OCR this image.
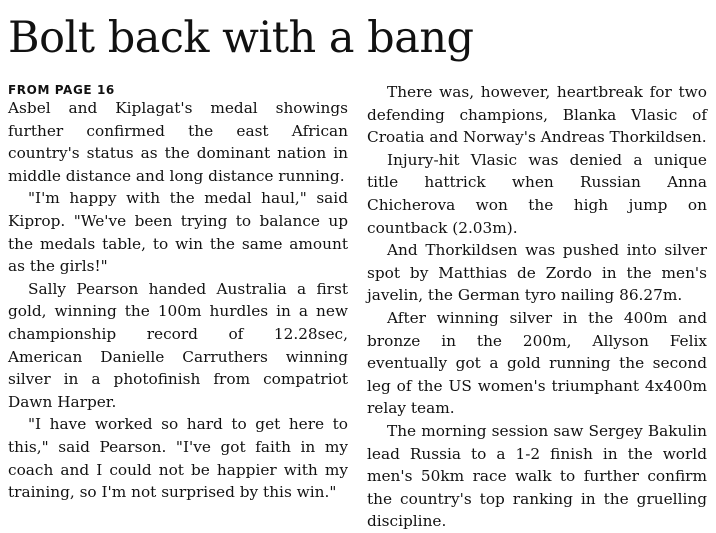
Bolt back with a bang
FROM PAGE 16

Asbel and Kiplagat's medal showings further confirmed the east African country's status as the dominant nation in middle distance and long distance running.

"I'm happy with the medal haul," said Kiprop. "We've been trying to balance up the medals table, to win the same amount as the girls!"

Sally Pearson handed Australia a first gold, winning the 100m hurdles in a new championship record of 12.28sec, American Danielle Carruthers winning silver in a photofinish from compatriot Dawn Harper.

"I have worked so hard to get here to this," said Pearson. "I've got faith in my coach and I could not be happier with my training, so I'm not surprised by this win."

There was, however, heartbreak for two defending champions, Blanka Vlasic of Croatia and Norway's Andreas Thorkildsen.

Injury-hit Vlasic was denied a unique title hattrick when Russian Anna Chicherova won the high jump on countback (2.03m).

And Thorkildsen was pushed into silver spot by Matthias de Zordo in the men's javelin, the German tyro nailing 86.27m.

After winning silver in the 400m and bronze in the 200m, Allyson Felix eventually got a gold running the second leg of the US women's triumphant 4x400m relay team.

The morning session saw Sergey Bakulin lead Russia to a 1-2 finish in the world men's 50km race walk to further confirm the country's top ranking in the gruelling discipline.
